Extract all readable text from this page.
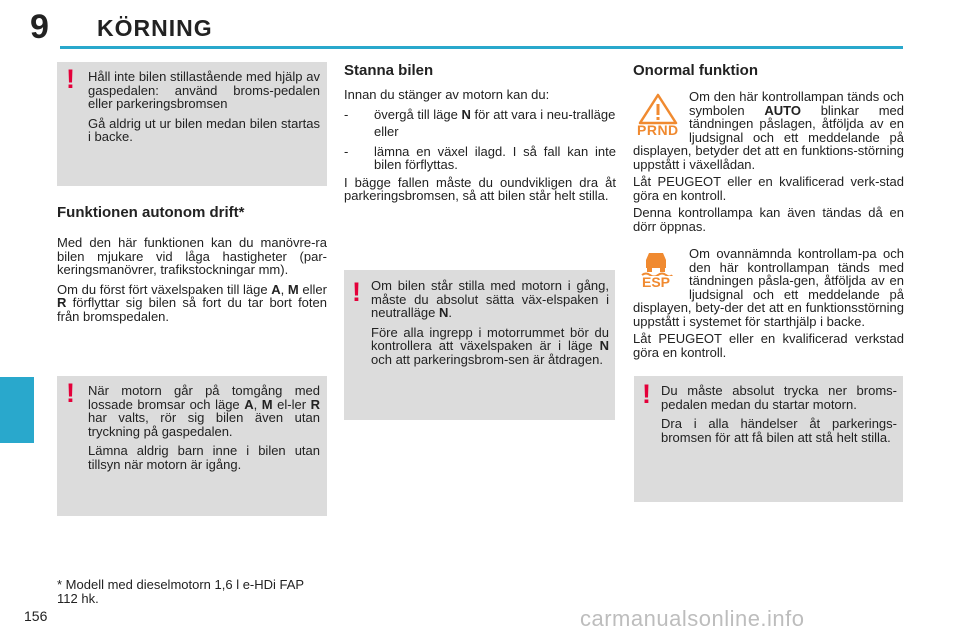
9 KÖRNING
! Håll inte bilen stillastående med hjälp av gaspedalen: använd broms-pedalen eller parkeringsbromsen

Gå aldrig ut ur bilen medan bilen startas i backe.

Funktionen autonom drift*

Med den här funktionen kan du manövre-ra bilen mjukare vid låga hastigheter (par-keringsmanövrer, trafikstockningar mm).

Om du först fört växelspaken till läge A, M eller R förflyttar sig bilen så fort du tar bort foten från bromspedalen.

! När motorn går på tomgång med lossade bromsar och läge A, M el-ler R har valts, rör sig bilen även utan tryckning på gaspedalen.

Lämna aldrig barn inne i bilen utan tillsyn när motorn är igång.

* Modell med dieselmotorn 1,6 l e-HDi FAP 112 hk.
Stanna bilen

Innan du stänger av motorn kan du:

-	övergå till läge N för att vara i neu-tralläge
eller
-	lämna en växel ilagd. I så fall kan inte bilen förflyttas.

I bägge fallen måste du oundvikligen dra åt parkeringsbromsen, så att bilen står helt stilla.

! Om bilen står stilla med motorn i gång, måste du absolut sätta väx-elspaken i neutralläge N.

Före alla ingrepp i motorrummet bör du kontrollera att växelspaken är i läge N och att parkeringsbrom-sen är åtdragen.

Onormal funktion
PRND

Om den här kontrollampan tänds och symbolen AUTO blinkar med tändningen påslagen, åtföljda av en ljudsignal och ett meddelande på displayen, betyder det att en funktions-störning uppstått i växellådan.

Låt PEUGEOT eller en kvalificerad verk-stad göra en kontroll.

Denna kontrollampa kan även tändas då en dörr öppnas.

ESP

Om ovannämnda kontrollam-pa och den här kontrollampan tänds med tändningen påsla-gen, åtföljda av en ljudsignal och ett meddelande på displayen, bety-der det att en funktionsstörning uppstått i systemet för starthjälp i backe.

Låt PEUGEOT eller en kvalificerad verkstad göra en kontroll.

! Du måste absolut trycka ner broms-pedalen medan du startar motorn.

Dra i alla händelser åt parkerings-bromsen för att få bilen att stå helt stilla.

156	carmanualsonline.info
